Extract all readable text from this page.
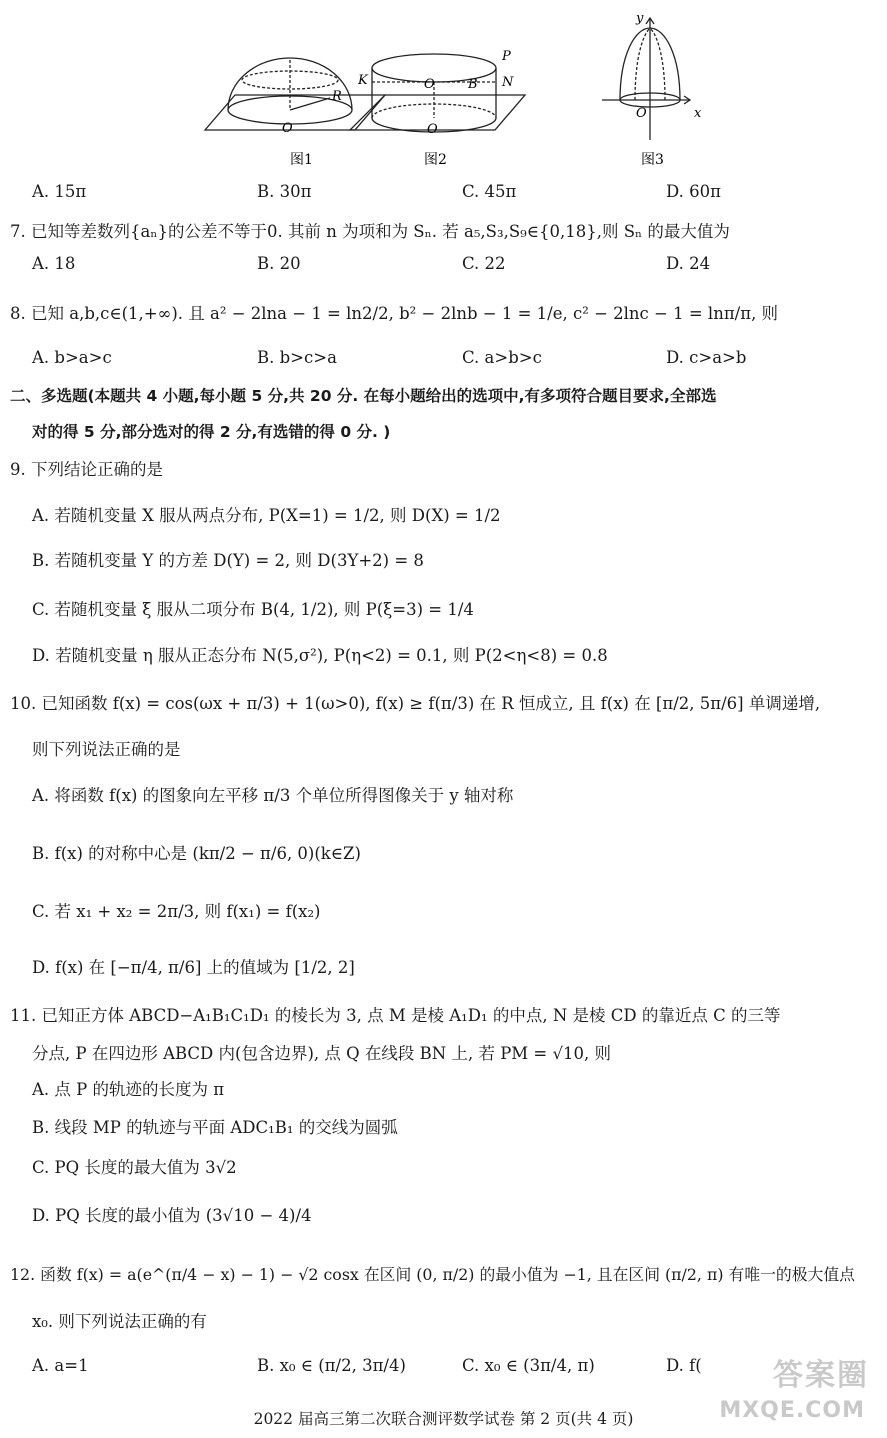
R
O
K	O	B
P
N
O
y
x
O
图1	图2	图3
A. 15π	B. 30π	C. 45π	D. 60π
7. 已知等差数列{aₙ}的公差不等于0. 其前 n 为项和为 Sₙ. 若 a₅,S₃,S₉∈{0,18},则 Sₙ 的最大值为
A. 18	B. 20	C. 22	D. 24
8. 已知 a,b,c∈(1,+∞). 且 a² − 2lna − 1 = ln2/2, b² − 2lnb − 1 = 1/e, c² − 2lnc − 1 = lnπ/π, 则
A. b>a>c	B. b>c>a	C. a>b>c	D. c>a>b
二、多选题(本题共 4 小题,每小题 5 分,共 20 分. 在每小题给出的选项中,有多项符合题目要求,全部选
对的得 5 分,部分选对的得 2 分,有选错的得 0 分. )
9. 下列结论正确的是
A. 若随机变量 X 服从两点分布, P(X=1) = 1/2, 则 D(X) = 1/2
B. 若随机变量 Y 的方差 D(Y) = 2, 则 D(3Y+2) = 8
C. 若随机变量 ξ 服从二项分布 B(4, 1/2), 则 P(ξ=3) = 1/4
D. 若随机变量 η 服从正态分布 N(5,σ²), P(η<2) = 0.1, 则 P(2<η<8) = 0.8
10. 已知函数 f(x) = cos(ωx + π/3) + 1(ω>0), f(x) ≥ f(π/3) 在 R 恒成立, 且 f(x) 在 [π/2, 5π/6] 单调递增,
则下列说法正确的是
A. 将函数 f(x) 的图象向左平移 π/3 个单位所得图像关于 y 轴对称
B. f(x) 的对称中心是 (kπ/2 − π/6, 0)(k∈Z)
C. 若 x₁ + x₂ = 2π/3, 则 f(x₁) = f(x₂)
D. f(x) 在 [−π/4, π/6] 上的值域为 [1/2, 2]
11. 已知正方体 ABCD−A₁B₁C₁D₁ 的棱长为 3, 点 M 是棱 A₁D₁ 的中点, N 是棱 CD 的靠近点 C 的三等
分点, P 在四边形 ABCD 内(包含边界), 点 Q 在线段 BN 上, 若 PM = √10, 则
A. 点 P 的轨迹的长度为 π
B. 线段 MP 的轨迹与平面 ADC₁B₁ 的交线为圆弧
C. PQ 长度的最大值为 3√2
D. PQ 长度的最小值为 (3√10 − 4)/4
12. 函数 f(x) = a(e^(π/4 − x) − 1) − √2 cosx 在区间 (0, π/2) 的最小值为 −1, 且在区间 (π/2, π) 有唯一的极大值点
x₀. 则下列说法正确的有
A. a=1	B. x₀ ∈ (π/2, 3π/4)	C. x₀ ∈ (3π/4, π)	D. f( 答案圈
2022 届高三第二次联合测评数学试卷 第 2 页(共 4 页)	MXQE.COM
